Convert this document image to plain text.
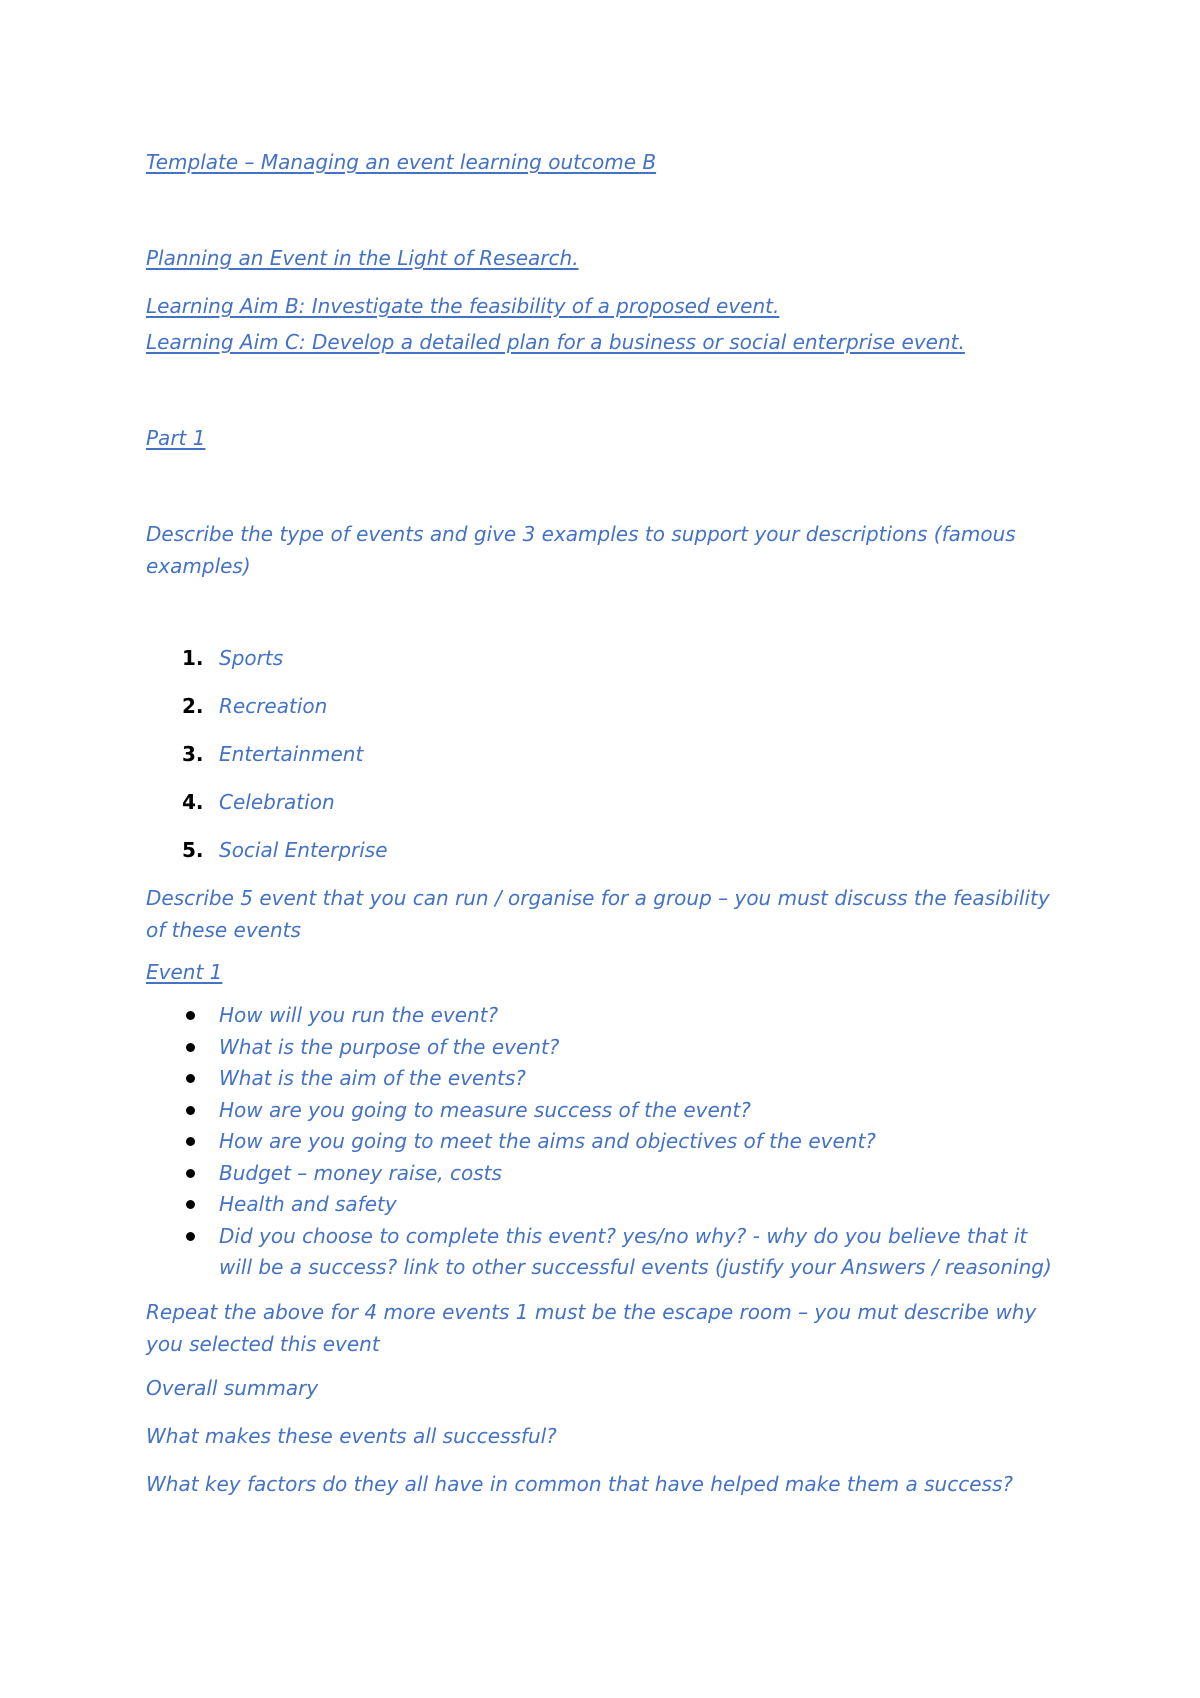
Template – Managing an event learning outcome B

Planning an Event in the Light of Research.

Learning Aim B: Investigate the feasibility of a proposed event.

Learning Aim C: Develop a detailed plan for a business or social enterprise event.

Part 1

Describe the type of events and give 3 examples to support your descriptions (famous examples)

1. Sports
2. Recreation
3. Entertainment
4. Celebration
5. Social Enterprise

Describe 5 event that you can run / organise for a group – you must discuss the feasibility of these events

Event 1

How will you run the event?
What is the purpose of the event?
What is the aim of the events?
How are you going to measure success of the event?
How are you going to meet the aims and objectives of the event?
Budget – money raise, costs
Health and safety
Did you choose to complete this event? yes/no why? - why do you believe that it will be a success? link to other successful events (justify your Answers / reasoning)

Repeat the above for 4 more events 1 must be the escape room – you mut describe why you selected this event

Overall summary

What makes these events all successful?

What key factors do they all have in common that have helped make them a success?
